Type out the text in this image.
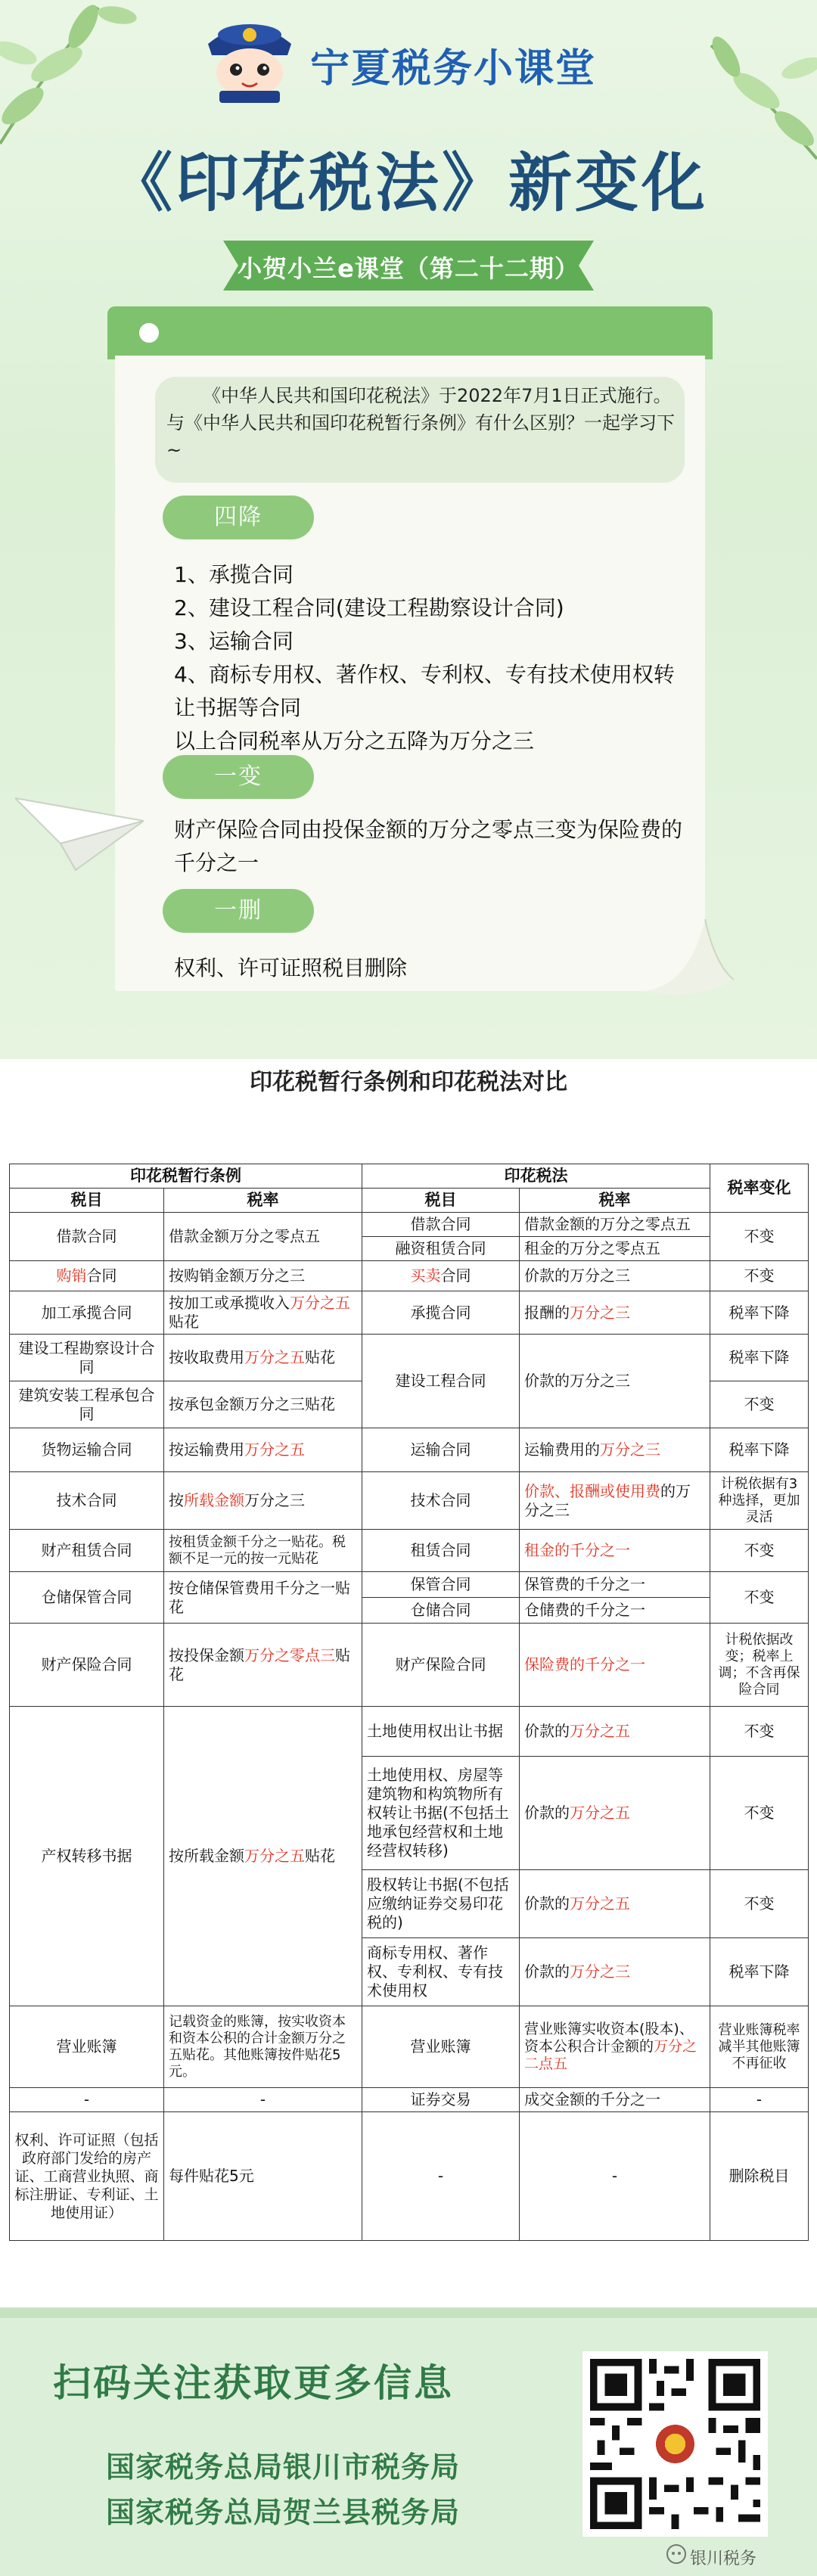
宁夏税务小课堂
《印花税法》新变化
小贺小兰e课堂（第二十二期）
《中华人民共和国印花税法》于2022年7月1日正式施行。与《中华人民共和国印花税暂行条例》有什么区别？一起学习下~
四降
1、承揽合同
2、建设工程合同(建设工程勘察设计合同)
3、运输合同
4、商标专用权、著作权、专利权、专有技术使用权转让书据等合同
以上合同税率从万分之五降为万分之三
一变
财产保险合同由投保金额的万分之零点三变为保险费的千分之一
一删
权利、许可证照税目删除
印花税暂行条例和印花税法对比
印花税暂行条例		印花税法		税率变化
税目	税率	税目	税率	
借款合同	借款金额万分之零点五	借款合同	借款金额的万分之零点五	不变
		融资租赁合同	租金的万分之零点五	
购销合同	按购销金额万分之三	买卖合同	价款的万分之三	不变
加工承揽合同	按加工或承揽收入万分之五贴花	承揽合同	报酬的万分之三	税率下降
建设工程勘察设计合同	按收取费用万分之五贴花	建设工程合同	价款的万分之三	税率下降
建筑安装工程承包合同	按承包金额万分之三贴花			不变
货物运输合同	按运输费用万分之五	运输合同	运输费用的万分之三	税率下降
技术合同	按所载金额万分之三	技术合同	价款、报酬或使用费的万分之三	计税依据有3种选择，更加灵活
财产租赁合同	按租赁金额千分之一贴花。税额不足一元的按一元贴花	租赁合同	租金的千分之一	不变
仓储保管合同	按仓储保管费用千分之一贴花	保管合同	保管费的千分之一	不变
		仓储合同	仓储费的千分之一	
财产保险合同	按投保金额万分之零点三贴花	财产保险合同	保险费的千分之一	计税依据改变；税率上调；不含再保险合同
产权转移书据	按所载金额万分之五贴花	土地使用权出让书据	价款的万分之五	不变
		土地使用权、房屋等建筑物和构筑物所有权转让书据(不包括土地承包经营权和土地经营权转移)	价款的万分之五	不变
		股权转让书据(不包括应缴纳证券交易印花税的)	价款的万分之五	不变
		商标专用权、著作权、专利权、专有技术使用权	价款的万分之三	税率下降
营业账簿	记载资金的账簿，按实收资本和资本公积的合计金额万分之五贴花。其他账簿按件贴花5元。	营业账簿	营业账簿实收资本(股本)、资本公积合计金额的万分之二点五	营业账簿税率减半其他账簿不再征收
-	-	证券交易	成交金额的千分之一	-
权利、许可证照（包括政府部门发给的房产证、工商营业执照、商标注册证、专利证、土地使用证）	每件贴花5元	-	-	删除税目
扫码关注获取更多信息
国家税务总局银川市税务局
国家税务总局贺兰县税务局
银川税务
